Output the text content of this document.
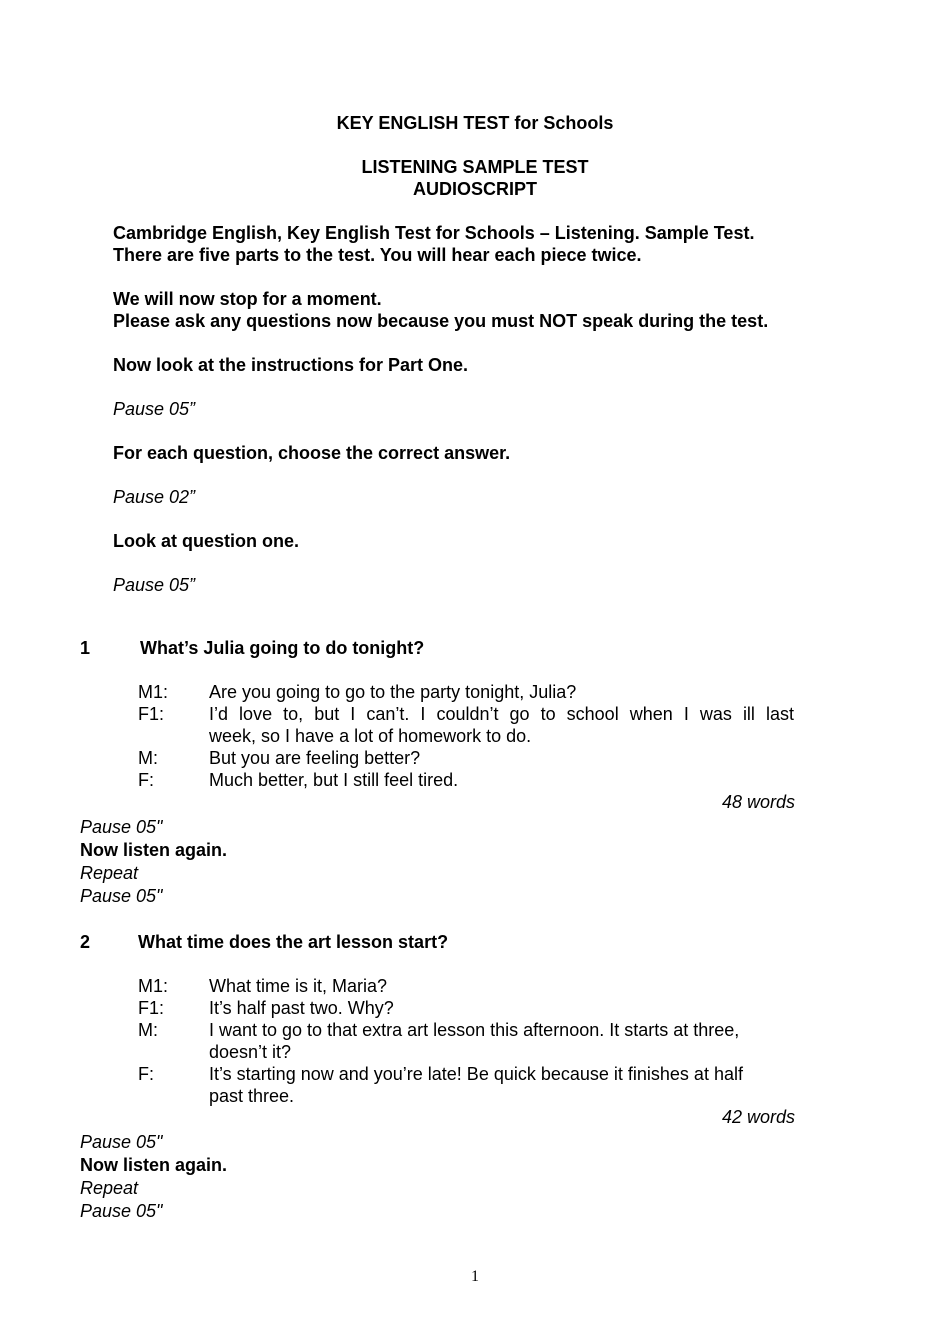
KEY ENGLISH TEST for Schools
LISTENING SAMPLE TEST
AUDIOSCRIPT
Cambridge English, Key English Test for Schools – Listening. Sample Test.
There are five parts to the test. You will hear each piece twice.
We will now stop for a moment.
Please ask any questions now because you must NOT speak during the test.
Now look at the instructions for Part One.
Pause 05”
For each question, choose the correct answer.
Pause 02”
Look at question one.
Pause 05”
1	What’s Julia going to do tonight?
M1: Are you going to go to the party tonight, Julia?
F1: I’d love to, but I can’t. I couldn’t go to school when I was ill last
week, so I have a lot of homework to do.
M:	But you are feeling better?
F:	Much better, but I still feel tired.
48 words
Pause 05"
Now listen again.
Repeat
Pause 05"
2	What time does the art lesson start?
M1: What time is it, Maria?
F1: It’s half past two. Why?
M:	I want to go to that extra art lesson this afternoon. It starts at three,
doesn’t it?
F:	It’s starting now and you’re late! Be quick because it finishes at half
past three.
42 words
Pause 05"
Now listen again.
Repeat
Pause 05"
1
